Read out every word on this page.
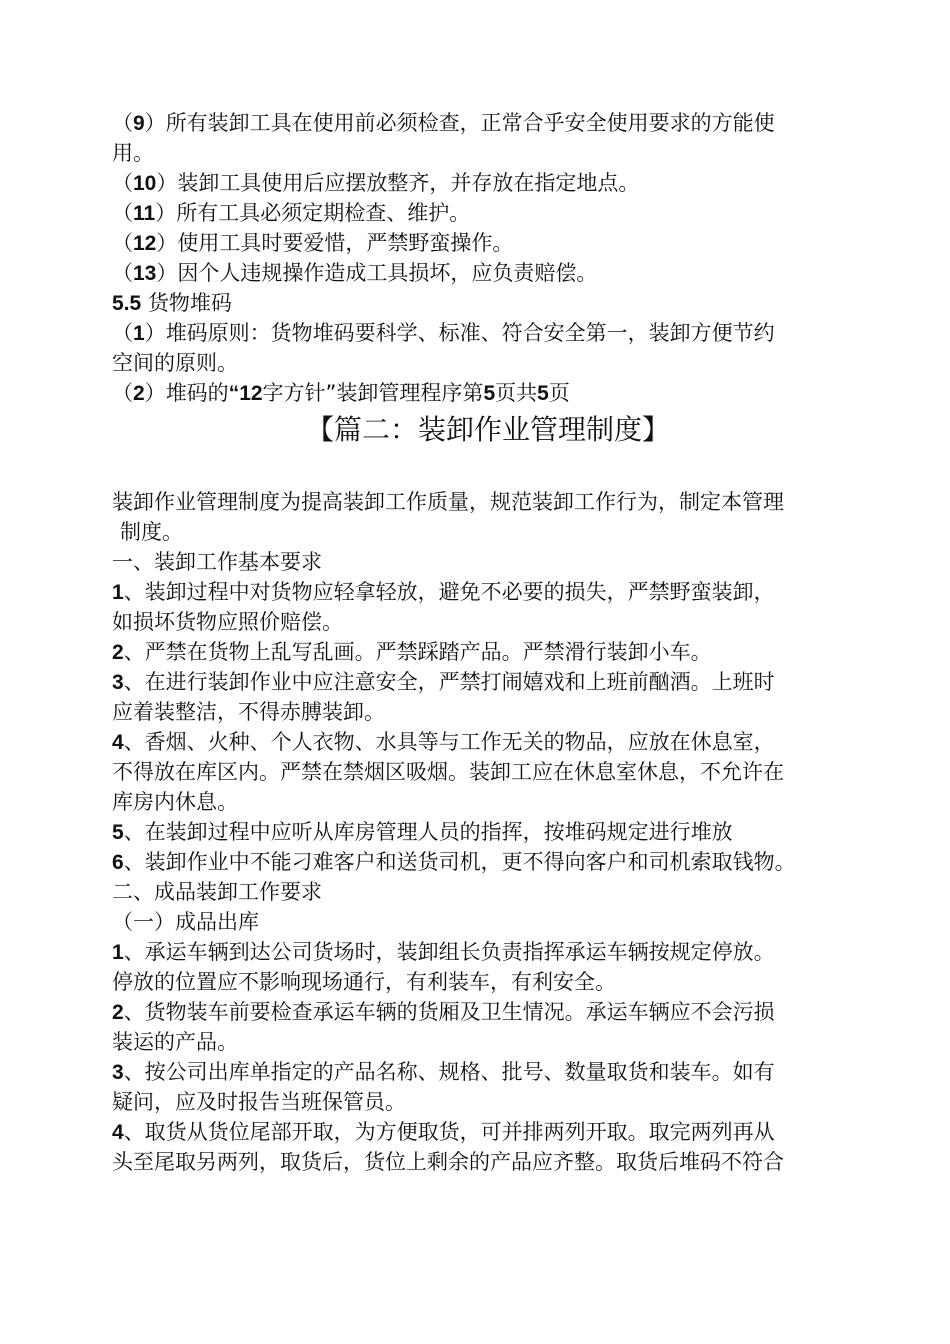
（9）所有装卸工具在使用前必须检查，正常合乎安全使用要求的方能使

用。

（10）装卸工具使用后应摆放整齐，并存放在指定地点。

（11）所有工具必须定期检查、维护。

（12）使用工具时要爱惜，严禁野蛮操作。

（13）因个人违规操作造成工具损坏，应负责赔偿。

5.5 货物堆码

（1）堆码原则：货物堆码要科学、标准、符合安全第一，装卸方便节约

空间的原则。

（2）堆码的“12字方针”装卸管理程序第5页共5页

【篇二：装卸作业管理制度】

装卸作业管理制度为提高装卸工作质量，规范装卸工作行为，制定本管理

制度。

一、装卸工作基本要求

1、装卸过程中对货物应轻拿轻放，避免不必要的损失，严禁野蛮装卸，

如损坏货物应照价赔偿。

2、严禁在货物上乱写乱画。严禁踩踏产品。严禁滑行装卸小车。

3、在进行装卸作业中应注意安全，严禁打闹嬉戏和上班前酗酒。上班时

应着装整洁，不得赤膊装卸。

4、香烟、火种、个人衣物、水具等与工作无关的物品，应放在休息室，

不得放在库区内。严禁在禁烟区吸烟。装卸工应在休息室休息，不允许在

库房内休息。

5、在装卸过程中应听从库房管理人员的指挥，按堆码规定进行堆放

6、装卸作业中不能刁难客户和送货司机，更不得向客户和司机索取钱物。

二、成品装卸工作要求

（一）成品出库

1、承运车辆到达公司货场时，装卸组长负责指挥承运车辆按规定停放。

停放的位置应不影响现场通行，有利装车，有利安全。

2、货物装车前要检查承运车辆的货厢及卫生情况。承运车辆应不会污损

装运的产品。

3、按公司出库单指定的产品名称、规格、批号、数量取货和装车。如有

疑问，应及时报告当班保管员。

4、取货从货位尾部开取，为方便取货，可并排两列开取。取完两列再从

头至尾取另两列，取货后，货位上剩余的产品应齐整。取货后堆码不符合
